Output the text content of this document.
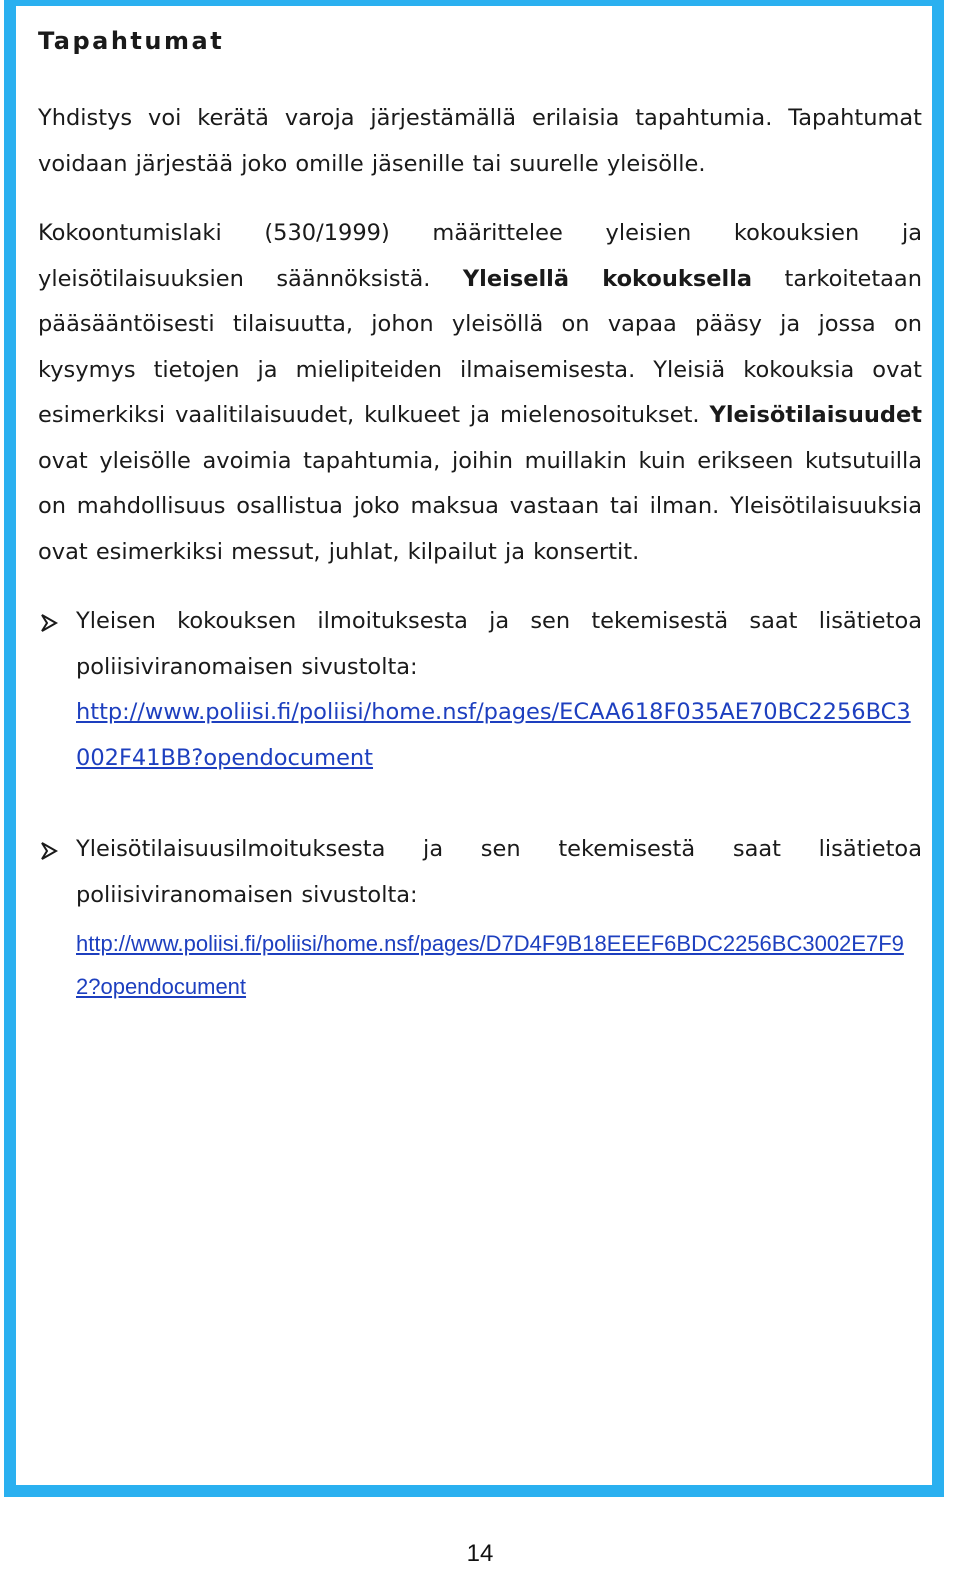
Tapahtumat

Yhdistys voi kerätä varoja järjestämällä erilaisia tapahtumia. Tapahtumat voidaan järjestää joko omille jäsenille tai suurelle yleisölle.

Kokoontumislaki (530/1999) määrittelee yleisien kokouksien ja yleisötilaisuuksien säännöksistä. Yleisellä kokouksella tarkoitetaan pääsääntöisesti tilaisuutta, johon yleisöllä on vapaa pääsy ja jossa on kysymys tietojen ja mielipiteiden ilmaisemisesta. Yleisiä kokouksia ovat esimerkiksi vaalitilaisuudet, kulkueet ja mielenosoitukset. Yleisötilaisuudet ovat yleisölle avoimia tapahtumia, joihin muillakin kuin erikseen kutsutuilla on mahdollisuus osallistua joko maksua vastaan tai ilman. Yleisötilaisuuksia ovat esimerkiksi messut, juhlat, kilpailut ja konsertit.

Yleisen kokouksen ilmoituksesta ja sen tekemisestä saat lisätietoa poliisiviranomaisen sivustolta:
http://www.poliisi.fi/poliisi/home.nsf/pages/ECAA618F035AE70BC2256BC3002F41BB?opendocument
Yleisötilaisuusilmoituksesta ja sen tekemisestä saat lisätietoa poliisiviranomaisen sivustolta:
http://www.poliisi.fi/poliisi/home.nsf/pages/D7D4F9B18EEEF6BDC2256BC3002E7F92?opendocument
14
